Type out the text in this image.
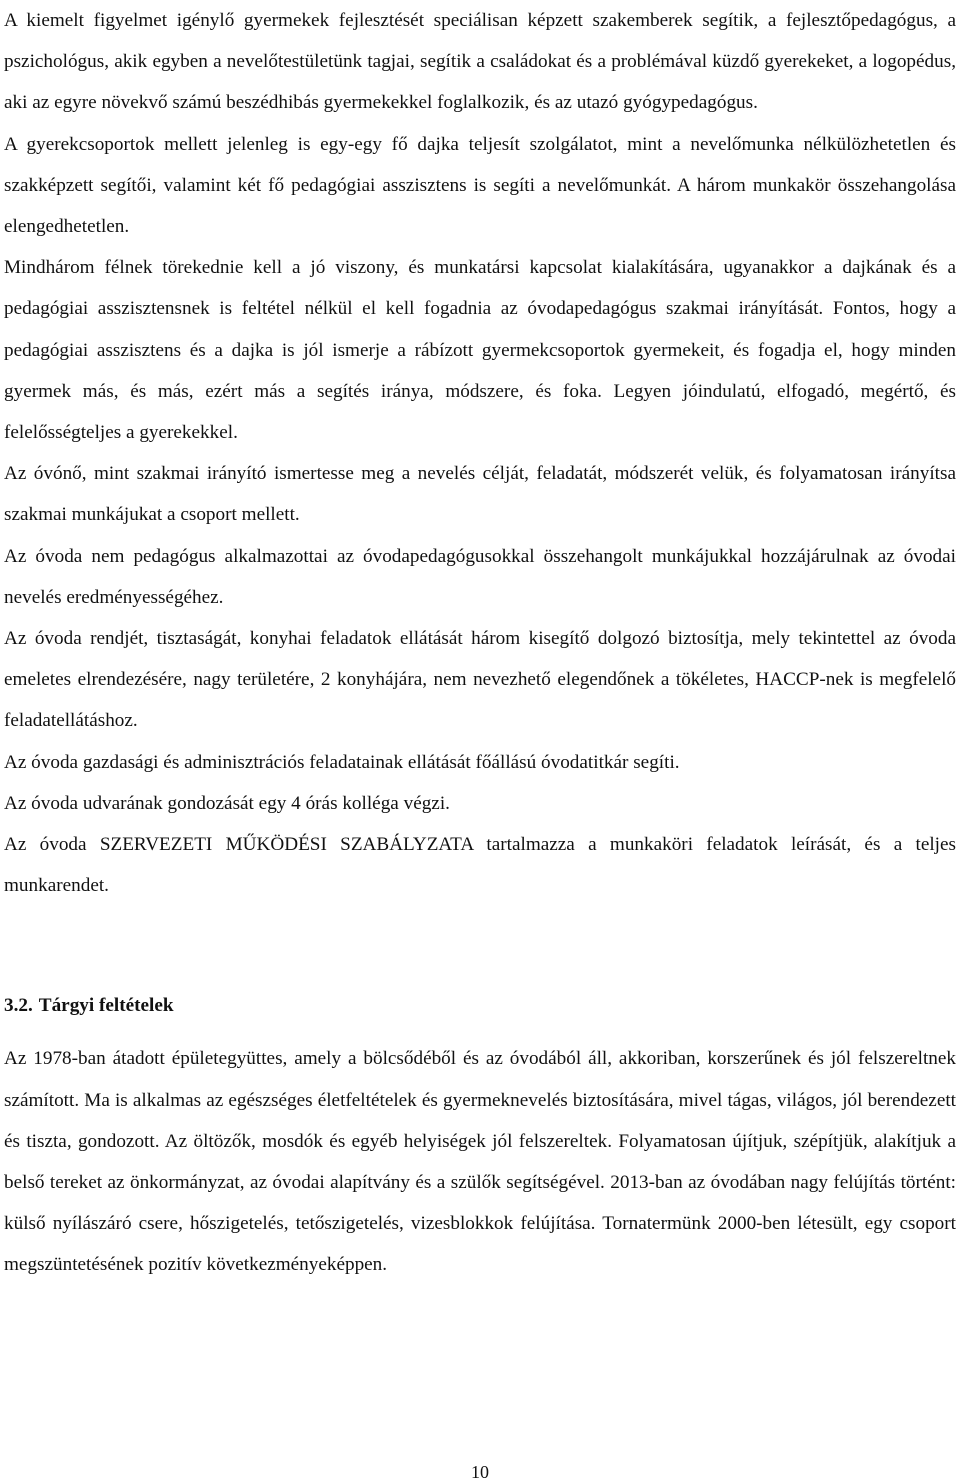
A kiemelt figyelmet igénylő gyermekek fejlesztését speciálisan képzett szakemberek segítik, a fejlesztőpedagógus, a pszichológus, akik egyben a nevelőtestületünk tagjai, segítik a családokat és a problémával küzdő gyerekeket, a logopédus, aki az egyre növekvő számú beszédhibás gyermekekkel foglalkozik, és az utazó gyógypedagógus.

A gyerekcsoportok mellett jelenleg is egy-egy fő dajka teljesít szolgálatot, mint a nevelőmunka nélkülözhetetlen és szakképzett segítői, valamint két fő pedagógiai asszisztens is segíti a nevelőmunkát. A három munkakör összehangolása elengedhetetlen.

Mindhárom félnek törekednie kell a jó viszony, és munkatársi kapcsolat kialakítására, ugyanakkor a dajkának és a pedagógiai asszisztensnek is feltétel nélkül el kell fogadnia az óvodapedagógus szakmai irányítását. Fontos, hogy a pedagógiai asszisztens és a dajka is jól ismerje a rábízott gyermekcsoportok gyermekeit, és fogadja el, hogy minden gyermek más, és más, ezért más a segítés iránya, módszere, és foka. Legyen jóindulatú, elfogadó, megértő, és felelősségteljes a gyerekekkel.

Az óvónő, mint szakmai irányító ismertesse meg a nevelés célját, feladatát, módszerét velük, és folyamatosan irányítsa szakmai munkájukat a csoport mellett.

Az óvoda nem pedagógus alkalmazottai az óvodapedagógusokkal összehangolt munkájukkal hozzájárulnak az óvodai nevelés eredményességéhez.

Az óvoda rendjét, tisztaságát, konyhai feladatok ellátását három kisegítő dolgozó biztosítja, mely tekintettel az óvoda emeletes elrendezésére, nagy területére, 2 konyhájára, nem nevezhető elegendőnek a tökéletes, HACCP-nek is megfelelő feladatellátáshoz.

Az óvoda gazdasági és adminisztrációs feladatainak ellátását főállású óvodatitkár segíti.

Az óvoda udvarának gondozását egy 4 órás kolléga végzi.

Az óvoda SZERVEZETI MŰKÖDÉSI SZABÁLYZATA tartalmazza a munkaköri feladatok leírását, és a teljes munkarendet.

3.2. Tárgyi feltételek

Az 1978-ban átadott épületegyüttes, amely a bölcsődéből és az óvodából áll, akkoriban, korszerűnek és jól felszereltnek számított. Ma is alkalmas az egészséges életfeltételek és gyermeknevelés biztosítására, mivel tágas, világos, jól berendezett és tiszta, gondozott. Az öltözők, mosdók és egyéb helyiségek jól felszereltek. Folyamatosan újítjuk, szépítjük, alakítjuk a belső tereket az önkormányzat, az óvodai alapítvány és a szülők segítségével. 2013-ban az óvodában nagy felújítás történt: külső nyílászáró csere, hőszigetelés, tetőszigetelés, vizesblokkok felújítása. Tornatermünk 2000-ben létesült, egy csoport megszüntetésének pozitív következményeképpen.

10
